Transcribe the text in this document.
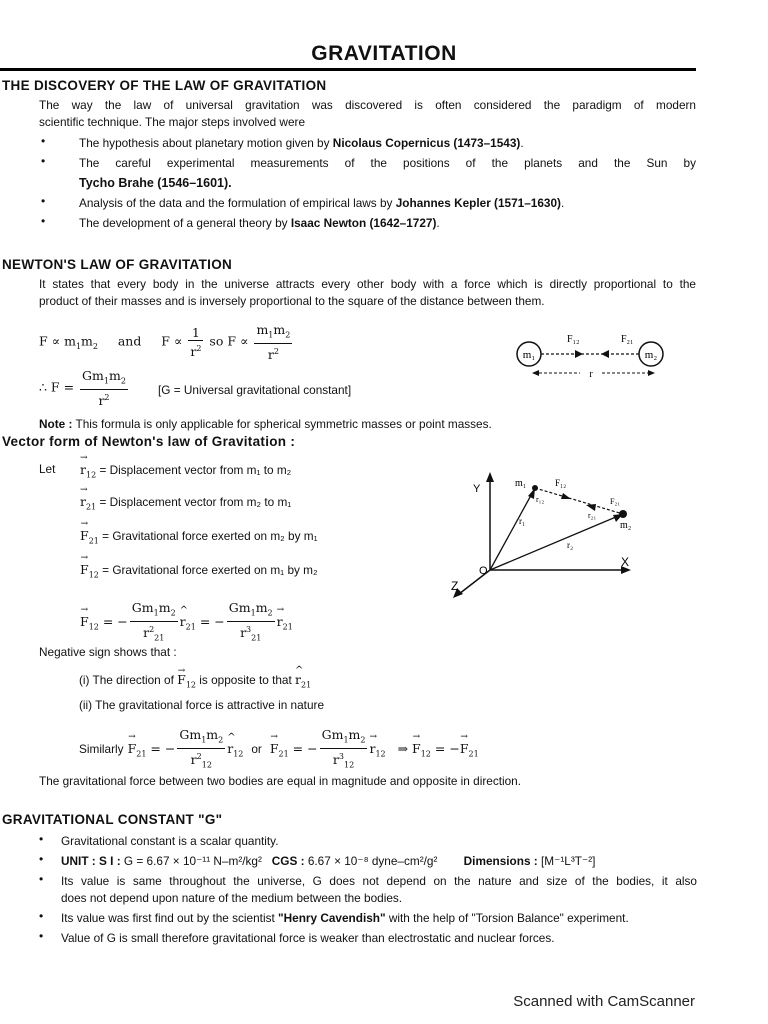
GRAVITATION
THE DISCOVERY OF THE LAW OF GRAVITATION
The way the law of universal gravitation was discovered is often considered the paradigm of modern
scientific technique. The major steps involved were
•	The hypothesis about planetary motion given by Nicolaus Copernicus (1473–1543).
•	The careful experimental measurements of the positions of the planets and the Sun by
Tycho Brahe (1546–1601).
•	Analysis of the data and the formulation of empirical laws by Johannes Kepler (1571–1630).
•	The development of a general theory by Isaac Newton (1642–1727).
NEWTON'S LAW OF GRAVITATION
It states that every body in the universe attracts every other body with a force which is directly proportional to the
product of their masses and is inversely proportional to the square of the distance between them.
$F \propto m_1m_2$ and $F \propto \frac{1}{r^2}$ so $F \propto \frac{m_1m_2}{r^2}$
∴ $F = \frac{Gm_1m_2}{r^2}$	[G = Universal gravitational constant]
m₁	m₂
F₁₂	F₂₁
r
Note : This formula is only applicable for spherical symmetric masses or point masses.
Vector form of Newton's law of Gravitation :
Let
→ $r_{12}$ = Displacement vector from m₁ to m₂
→ $r_{21}$ = Displacement vector from m₂ to m₁
→ $F_{21}$ = Gravitational force exerted on m₂ by m₁
→ $F_{12}$ = Gravitational force exerted on m₁ by m₂
→ $F_{12}$ = − $\frac{Gm_1m_2}{r^2_{21}}$
^ $r_{21}$ = − $\frac{Gm_1m_2}{r^3_{21}}$
→ $r_{21}$
Y
X
Z
O
m₁
m₂
r₁
r₂
r₁₂
r₂₁
F₁₂
F₂₁
Negative sign shows that :
(i) The direction of → $F_{12}$ is opposite to that ^ $r_{21}$
(ii) The gravitational force is attractive in nature
Similarly → $F_{21}$ = − $\frac{Gm_1m_2}{r^2_{12}}$
^ $r_{12}$ or  → $F_{21}$ = − $\frac{Gm_1m_2}{r^3_{12}}$
→ $r_{12}$   ⇒ → $F_{12}$ = −→ $F_{21}$
The gravitational force between two bodies are equal in magnitude and opposite in direction.
GRAVITATIONAL CONSTANT "G"
• Gravitational constant is a scalar quantity.
• UNIT : S I : G = 6.67 × 10⁻¹¹ N–m²/kg² CGS : 6.67 × 10⁻⁸ dyne–cm²/g² Dimensions : [M⁻¹L³T⁻²]
• Its value is same throughout the universe, G does not depend on the nature and size of the bodies, it also
does not depend upon nature of the medium between the bodies.
• Its value was first find out by the scientist "Henry Cavendish" with the help of "Torsion Balance" experiment.
• Value of G is small therefore gravitational force is weaker than electrostatic and nuclear forces.
Scanned with CamScanner
